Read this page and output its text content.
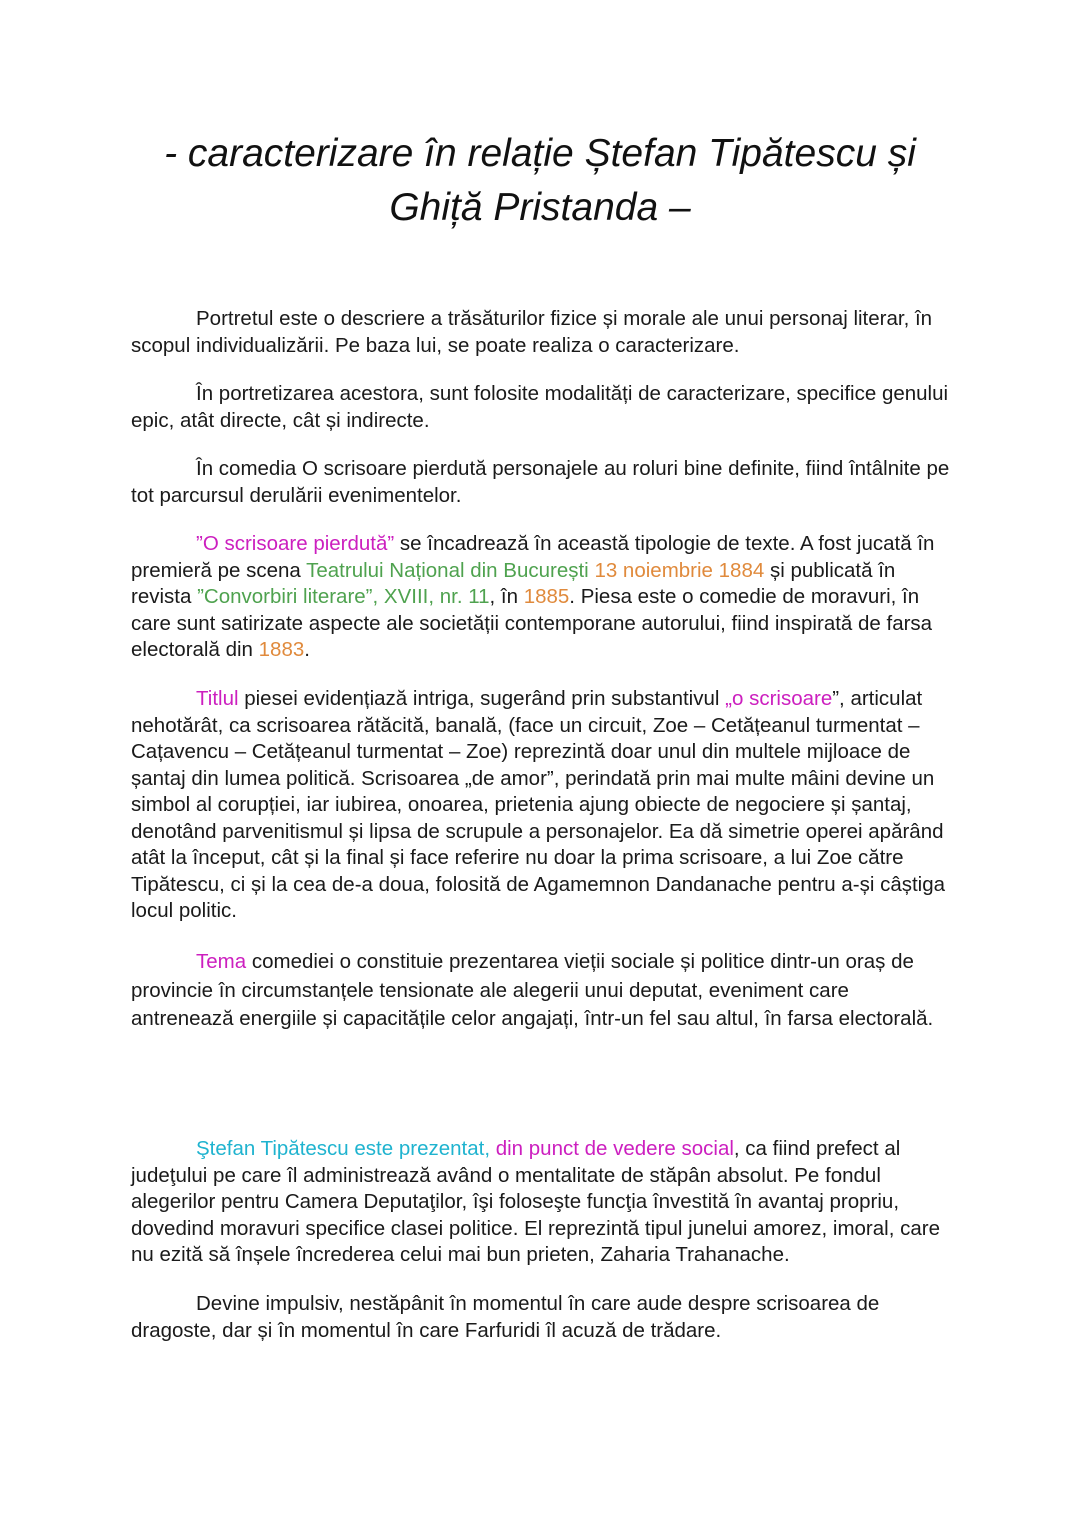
- caracterizare în relație Ștefan Tipătescu și
Ghiță Pristanda –

Portretul este o descriere a trăsăturilor fizice și morale ale unui personaj literar, în scopul individualizării. Pe baza lui, se poate realiza o caracterizare.

În portretizarea acestora, sunt folosite modalități de caracterizare, specifice genului epic, atât directe, cât și indirecte.

În comedia O scrisoare pierdută personajele au roluri bine definite, fiind întâlnite pe tot parcursul derulării evenimentelor.

”O scrisoare pierdută” se încadrează în această tipologie de texte. A fost jucată în premieră pe scena Teatrului Național din București 13 noiembrie 1884 și publicată în revista ”Convorbiri literare”, XVIII, nr. 11, în 1885. Piesa este o comedie de moravuri, în care sunt satirizate aspecte ale societății contemporane autorului, fiind inspirată de farsa electorală din 1883.

Titlul piesei evidențiază intriga, sugerând prin substantivul „o scrisoare”, articulat nehotărât, ca scrisoarea rătăcită, banală, (face un circuit, Zoe – Cetățeanul turmentat – Cațavencu – Cetățeanul turmentat – Zoe) reprezintă doar unul din multele mijloace de șantaj din lumea politică. Scrisoarea „de amor”, perindată prin mai multe mâini devine un simbol al corupției, iar iubirea, onoarea, prietenia ajung obiecte de negociere și șantaj, denotând parvenitismul și lipsa de scrupule a personajelor. Ea dă simetrie operei apărând atât la început, cât și la final și face referire nu doar la prima scrisoare, a lui Zoe către Tipătescu, ci și la cea de-a doua, folosită de Agamemnon Dandanache pentru a-și câștiga locul politic.

Tema comediei o constituie prezentarea vieții sociale și politice dintr-un oraș de provincie în circumstanțele tensionate ale alegerii unui deputat, eveniment care antrenează energiile și capacitățile celor angajați, într-un fel sau altul, în farsa electorală.

Ştefan Tipătescu este prezentat, din punct de vedere social, ca fiind prefect al judeţului pe care îl administrează având o mentalitate de stăpân absolut. Pe fondul alegerilor pentru Camera Deputaţilor, îşi foloseşte funcţia învestită în avantaj propriu, dovedind moravuri specifice clasei politice. El reprezintă tipul junelui amorez, imoral, care nu ezită să înșele încrederea celui mai bun prieten, Zaharia Trahanache.

Devine impulsiv, nestăpânit în momentul în care aude despre scrisoarea de dragoste, dar și în momentul în care Farfuridi îl acuză de trădare.
